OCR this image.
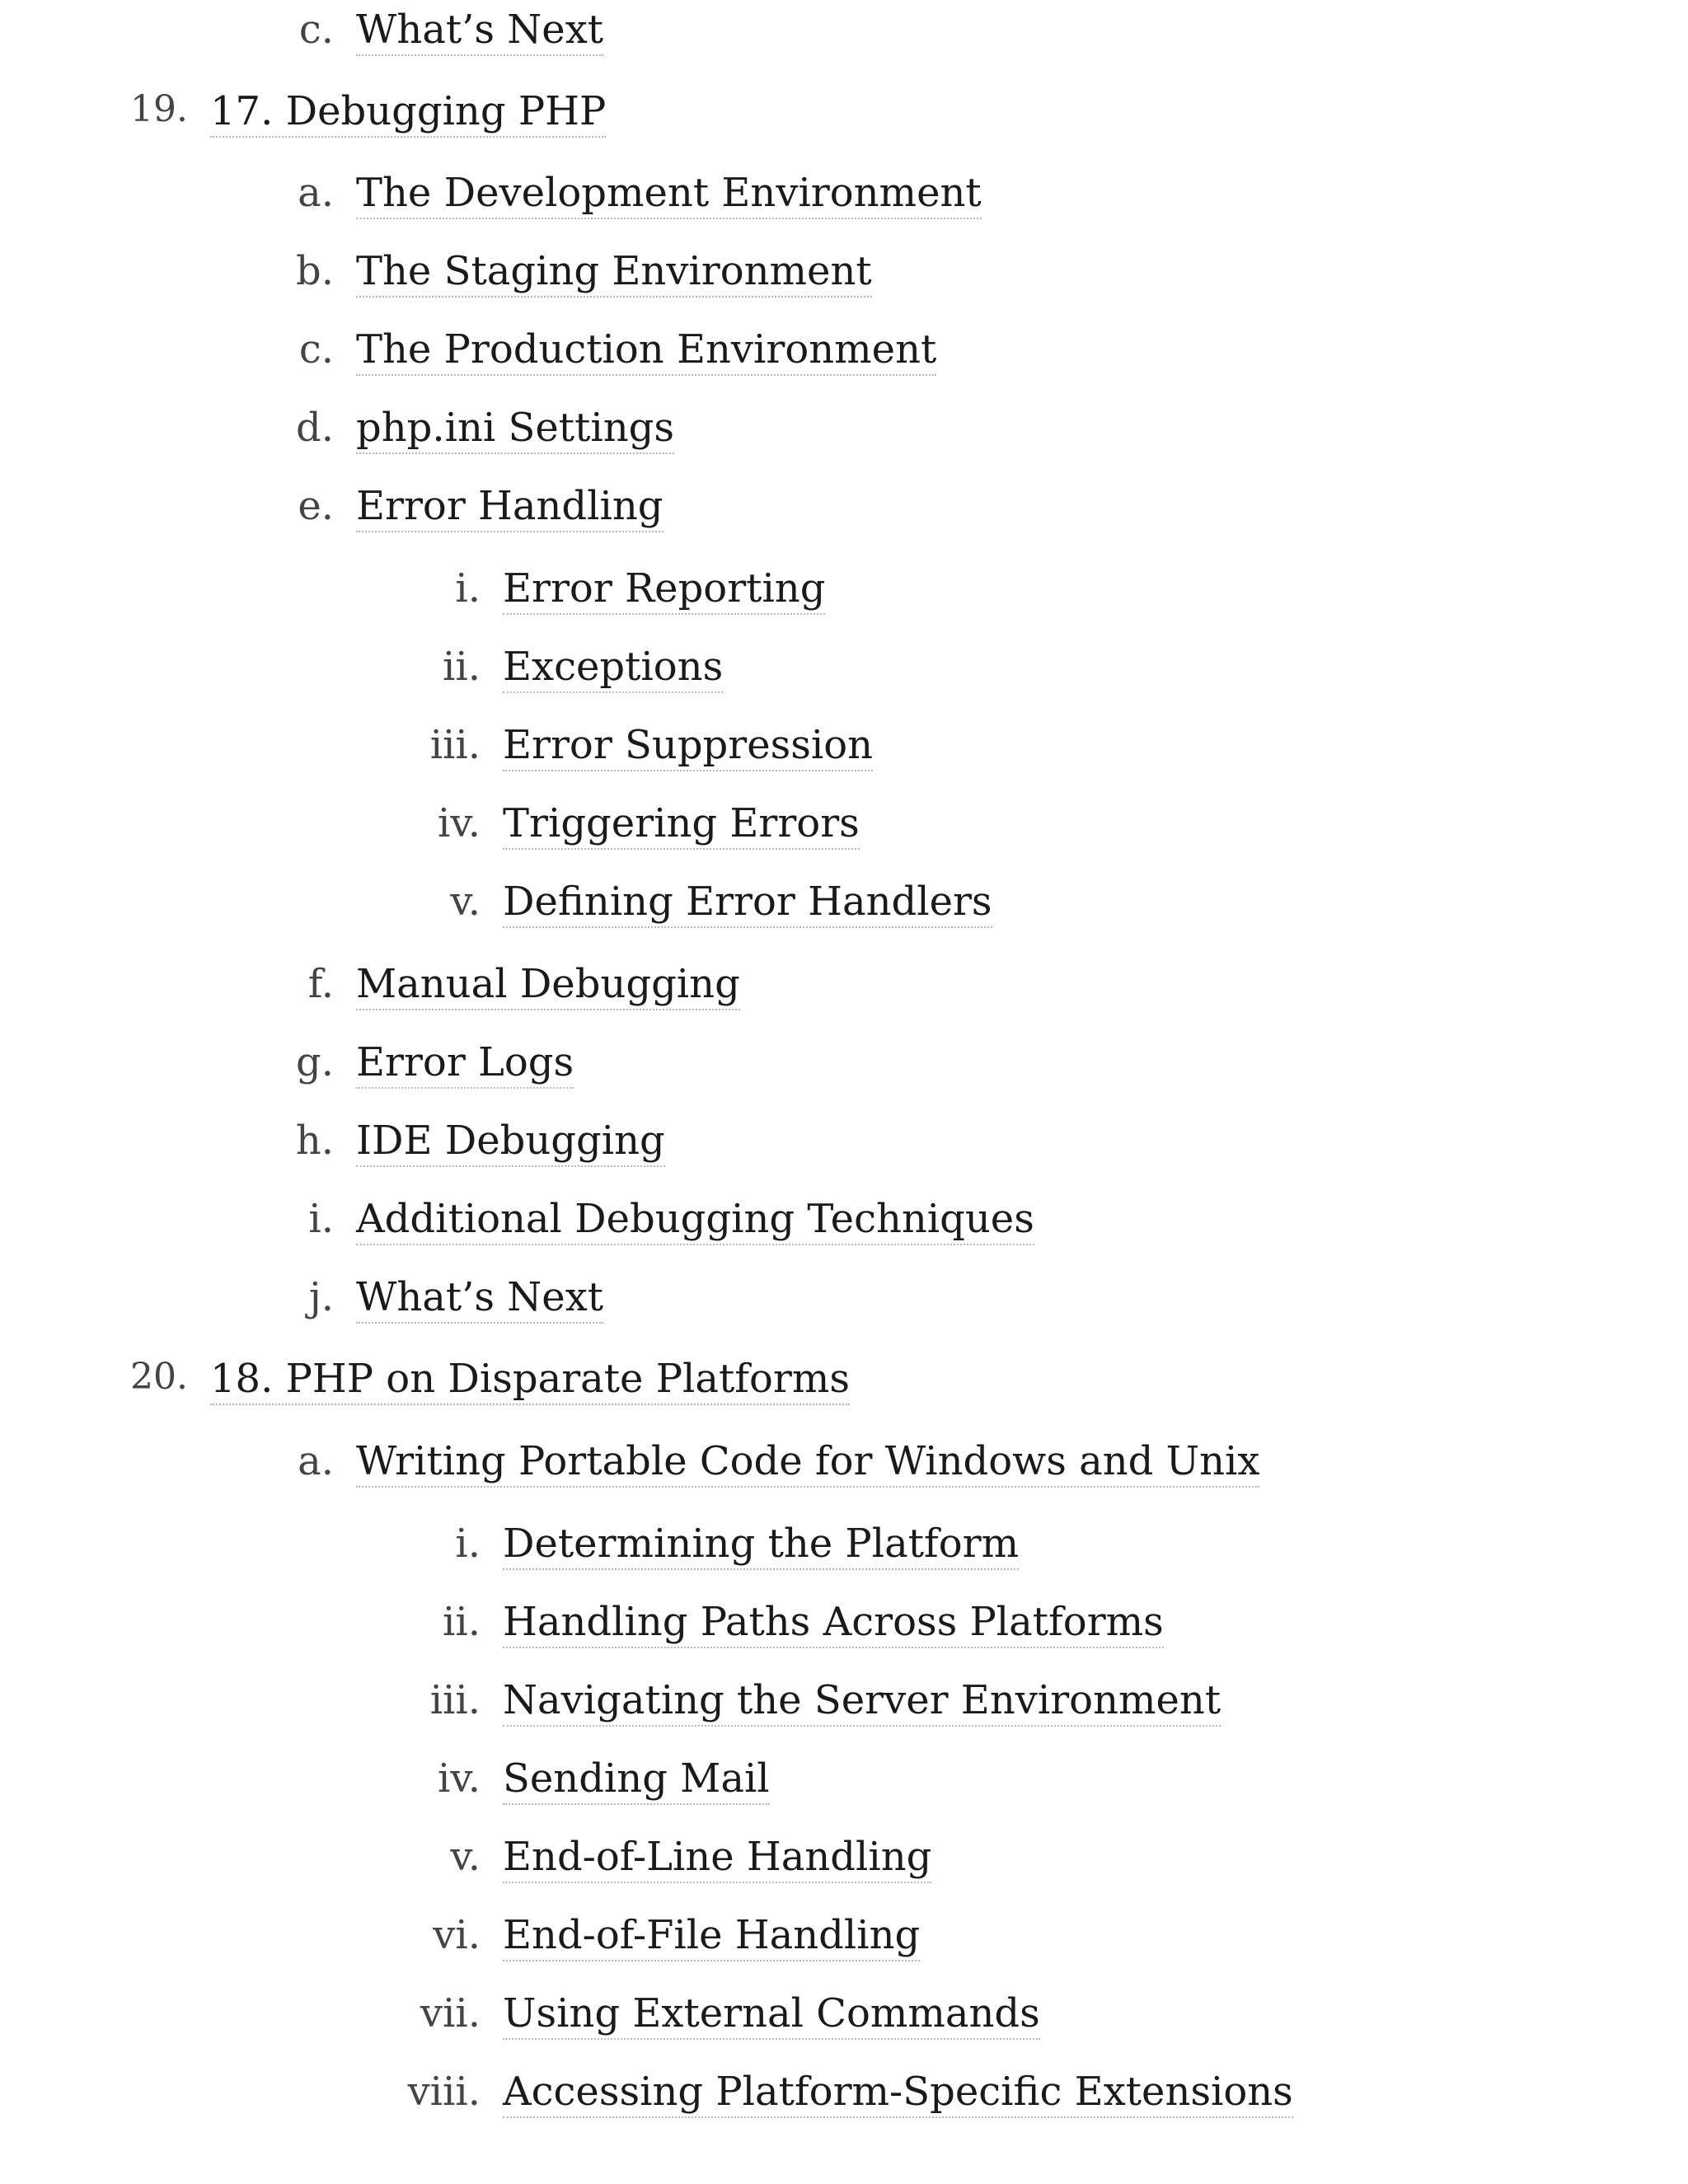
c. What’s Next
19. 17. Debugging PHP
a. The Development Environment
b. The Staging Environment
c. The Production Environment
d. php.ini Settings
e. Error Handling
i. Error Reporting
ii. Exceptions
iii. Error Suppression
iv. Triggering Errors
v. Defining Error Handlers
f. Manual Debugging
g. Error Logs
h. IDE Debugging
i. Additional Debugging Techniques
j. What’s Next
20. 18. PHP on Disparate Platforms
a. Writing Portable Code for Windows and Unix
i. Determining the Platform
ii. Handling Paths Across Platforms
iii. Navigating the Server Environment
iv. Sending Mail
v. End-of-Line Handling
vi. End-of-File Handling
vii. Using External Commands
viii. Accessing Platform-Specific Extensions
